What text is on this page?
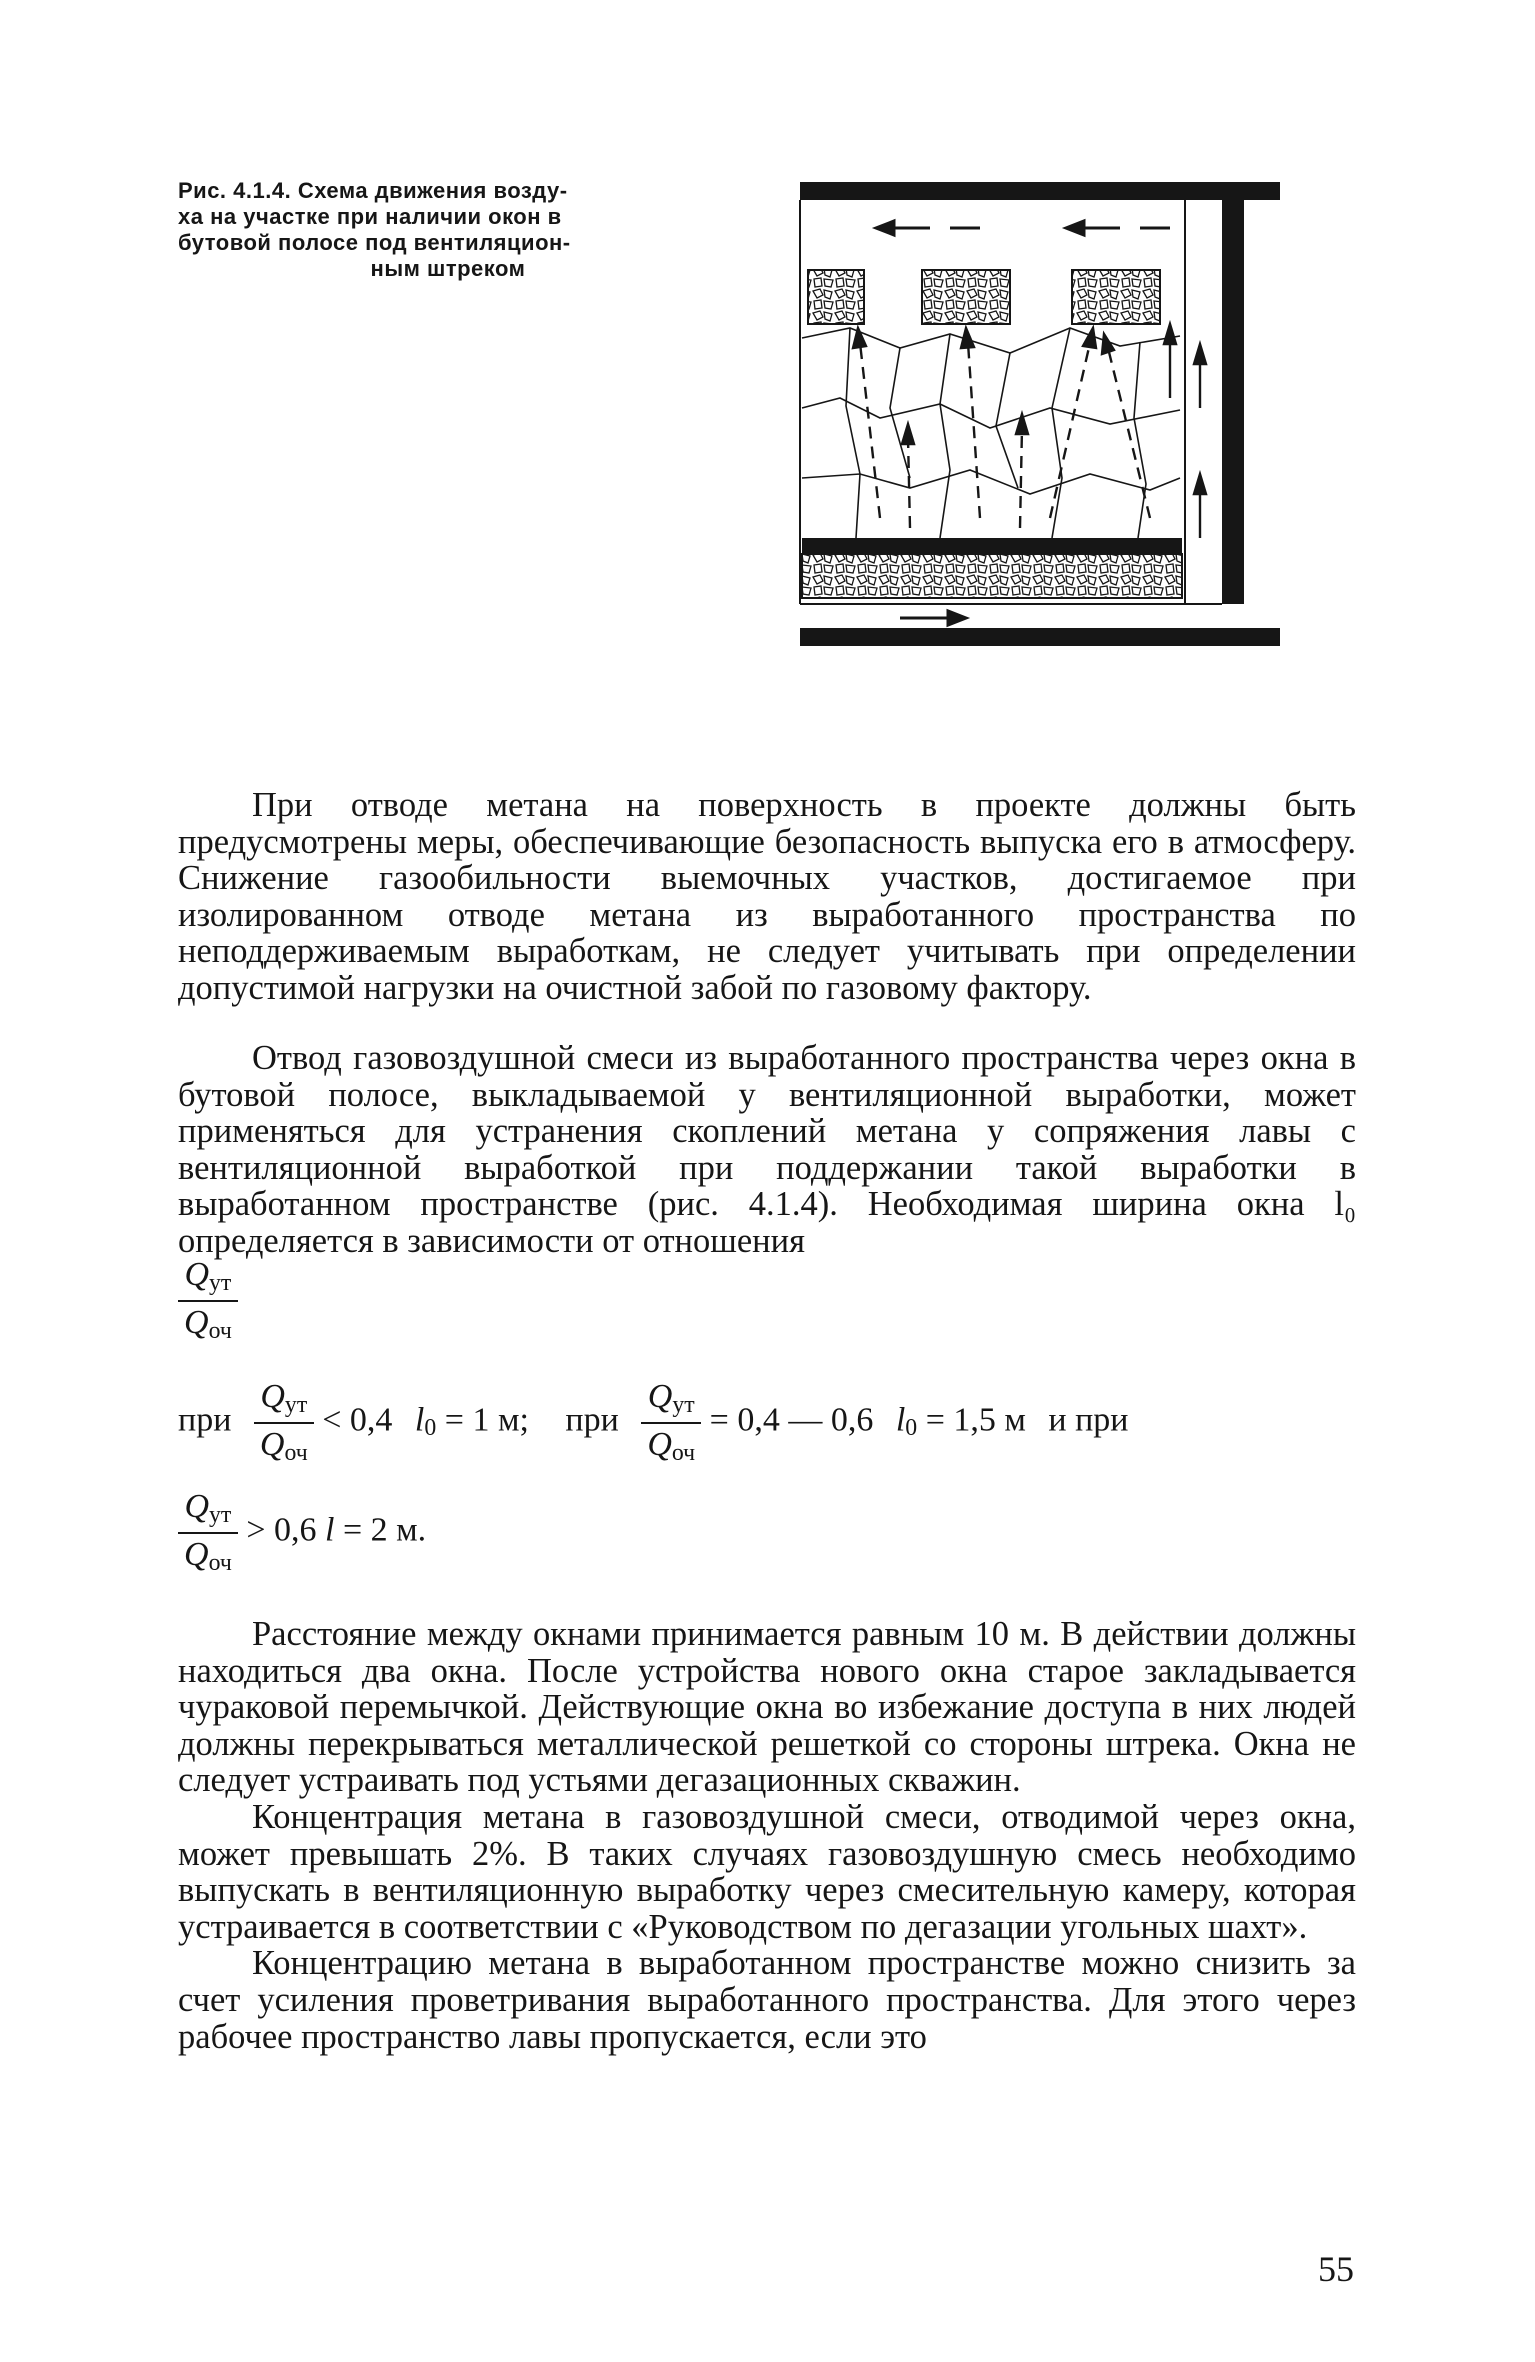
Рис. 4.1.4. Схема движения возду-
ха на участке при наличии окон в
бутовой полосе под вентиляцион-
ным штреком

При отводе метана на поверхность в проекте должны быть предусмотрены меры, обеспечивающие безопасность выпуска его в атмосферу. Снижение газообильности выемочных участков, достигаемое при изолированном отводе метана из выработанного пространства по неподдерживаемым выработкам, не следует учитывать при определении допустимой нагрузки на очистной забой по газовому фактору.

Отвод газовоздушной смеси из выработанного пространства через окна в бутовой полосе, выкладываемой у вентиляционной выработки, может применяться для устранения скоплений метана у сопряжения лавы с вентиляционной выработкой при поддержании такой выработки в выработанном пространстве (рис. 4.1.4). Необходимая ширина окна l₀ определяется в зависимости от отношения

$\frac{\text{Qут}}{\text{Qоч}}$
при $\frac{\text{Qут}}{\text{Qоч}} < 0,4$ l0 = 1 м; при $\frac{\text{Qут}}{\text{Qоч}} = 0,4$ — 0,6 l0 = 1,5 м и при
$\frac{\text{Qут}}{\text{Qоч}} > 0,6$ l = 2 м.

Расстояние между окнами принимается равным 10 м. В действии должны находиться два окна. После устройства нового окна старое закладывается чураковой перемычкой. Действующие окна во избежание доступа в них людей должны перекрываться металлической решеткой со стороны штрека. Окна не следует устраивать под устьями дегазационных скважин.

Концентрация метана в газовоздушной смеси, отводимой через окна, может превышать 2%. В таких случаях газовоздушную смесь необходимо выпускать в вентиляционную выработку через смесительную камеру, которая устраивается в соответствии с «Руководством по дегазации угольных шахт».

Концентрацию метана в выработанном пространстве можно снизить за счет усиления проветривания выработанного пространства. Для этого через рабочее пространство лавы пропускается, если это

55
